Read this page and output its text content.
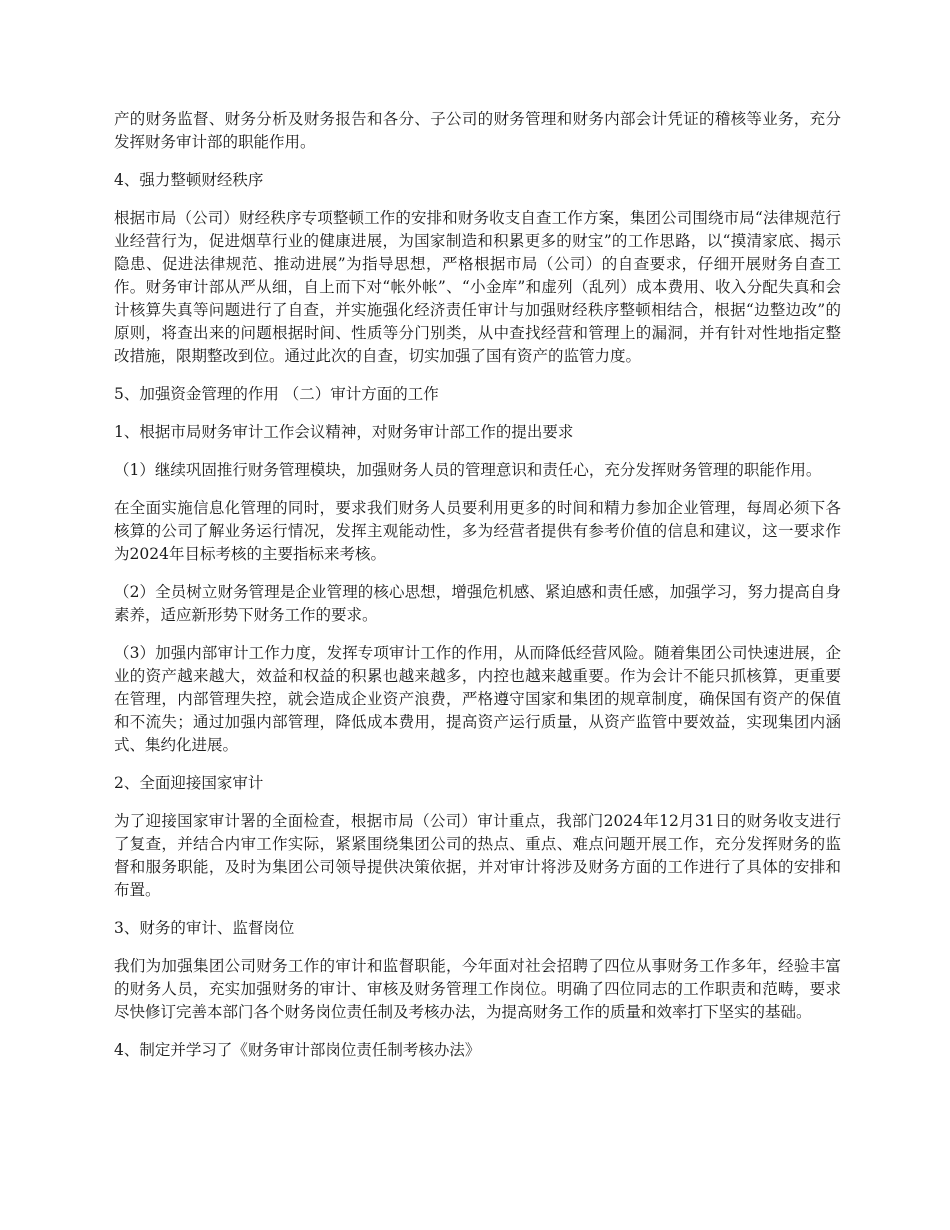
产的财务监督、财务分析及财务报告和各分、子公司的财务管理和财务内部会计凭证的稽核等业务，充分发挥财务审计部的职能作用。

4、强力整顿财经秩序

根据市局（公司）财经秩序专项整顿工作的安排和财务收支自查工作方案，集团公司围绕市局“法律规范行业经营行为，促进烟草行业的健康进展，为国家制造和积累更多的财宝”的工作思路，以“摸清家底、揭示隐患、促进法律规范、推动进展”为指导思想，严格根据市局（公司）的自查要求，仔细开展财务自查工作。财务审计部从严从细，自上而下对“帐外帐”、“小金库”和虚列（乱列）成本费用、收入分配失真和会计核算失真等问题进行了自查，并实施强化经济责任审计与加强财经秩序整顿相结合，根据“边整边改”的原则，将查出来的问题根据时间、性质等分门别类，从中查找经营和管理上的漏洞，并有针对性地指定整改措施，限期整改到位。通过此次的自查，切实加强了国有资产的监管力度。

5、加强资金管理的作用 （二）审计方面的工作

1、根据市局财务审计工作会议精神，对财务审计部工作的提出要求

（1）继续巩固推行财务管理模块，加强财务人员的管理意识和责任心，充分发挥财务管理的职能作用。

在全面实施信息化管理的同时，要求我们财务人员要利用更多的时间和精力参加企业管理，每周必须下各核算的公司了解业务运行情况，发挥主观能动性，多为经营者提供有参考价值的信息和建议，这一要求作为2024年目标考核的主要指标来考核。

（2）全员树立财务管理是企业管理的核心思想，增强危机感、紧迫感和责任感，加强学习，努力提高自身素养，适应新形势下财务工作的要求。

（3）加强内部审计工作力度，发挥专项审计工作的作用，从而降低经营风险。随着集团公司快速进展，企业的资产越来越大，效益和权益的积累也越来越多，内控也越来越重要。作为会计不能只抓核算，更重要在管理，内部管理失控，就会造成企业资产浪费，严格遵守国家和集团的规章制度，确保国有资产的保值和不流失；通过加强内部管理，降低成本费用，提高资产运行质量，从资产监管中要效益，实现集团内涵式、集约化进展。

2、全面迎接国家审计

为了迎接国家审计署的全面检查，根据市局（公司）审计重点，我部门2024年12月31日的财务收支进行了复查，并结合内审工作实际，紧紧围绕集团公司的热点、重点、难点问题开展工作，充分发挥财务的监督和服务职能，及时为集团公司领导提供决策依据，并对审计将涉及财务方面的工作进行了具体的安排和布置。

3、财务的审计、监督岗位

我们为加强集团公司财务工作的审计和监督职能，今年面对社会招聘了四位从事财务工作多年，经验丰富的财务人员，充实加强财务的审计、审核及财务管理工作岗位。明确了四位同志的工作职责和范畴，要求尽快修订完善本部门各个财务岗位责任制及考核办法，为提高财务工作的质量和效率打下坚实的基础。

4、制定并学习了《财务审计部岗位责任制考核办法》
